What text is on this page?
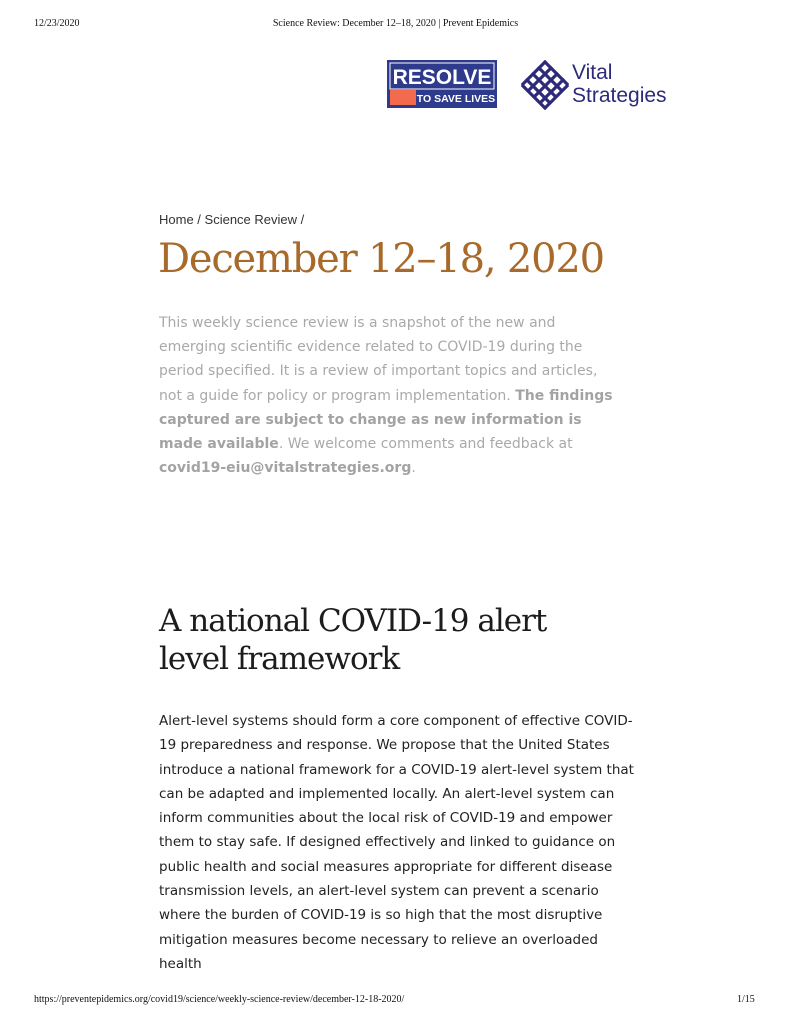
12/23/2020	Science Review: December 12–18, 2020 | Prevent Epidemics
RESOLVE
TO SAVE LIVES
Vital
Strategies
Home / Science Review /
December 12–18, 2020

This weekly science review is a snapshot of the new and emerging scientific evidence related to COVID-19 during the period specified. It is a review of important topics and articles, not a guide for policy or program implementation. The findings captured are subject to change as new information is made available. We welcome comments and feedback at covid19-eiu@vitalstrategies.org.

A national COVID-19 alert level framework

Alert-level systems should form a core component of effective COVID-19 preparedness and response. We propose that the United States introduce a national framework for a COVID-19 alert-level system that can be adapted and implemented locally. An alert-level system can inform communities about the local risk of COVID-19 and empower them to stay safe. If designed effectively and linked to guidance on public health and social measures appropriate for different disease transmission levels, an alert-level system can prevent a scenario where the burden of COVID-19 is so high that the most disruptive mitigation measures become necessary to relieve an overloaded health

https://preventepidemics.org/covid19/science/weekly-science-review/december-12-18-2020/	1/15
